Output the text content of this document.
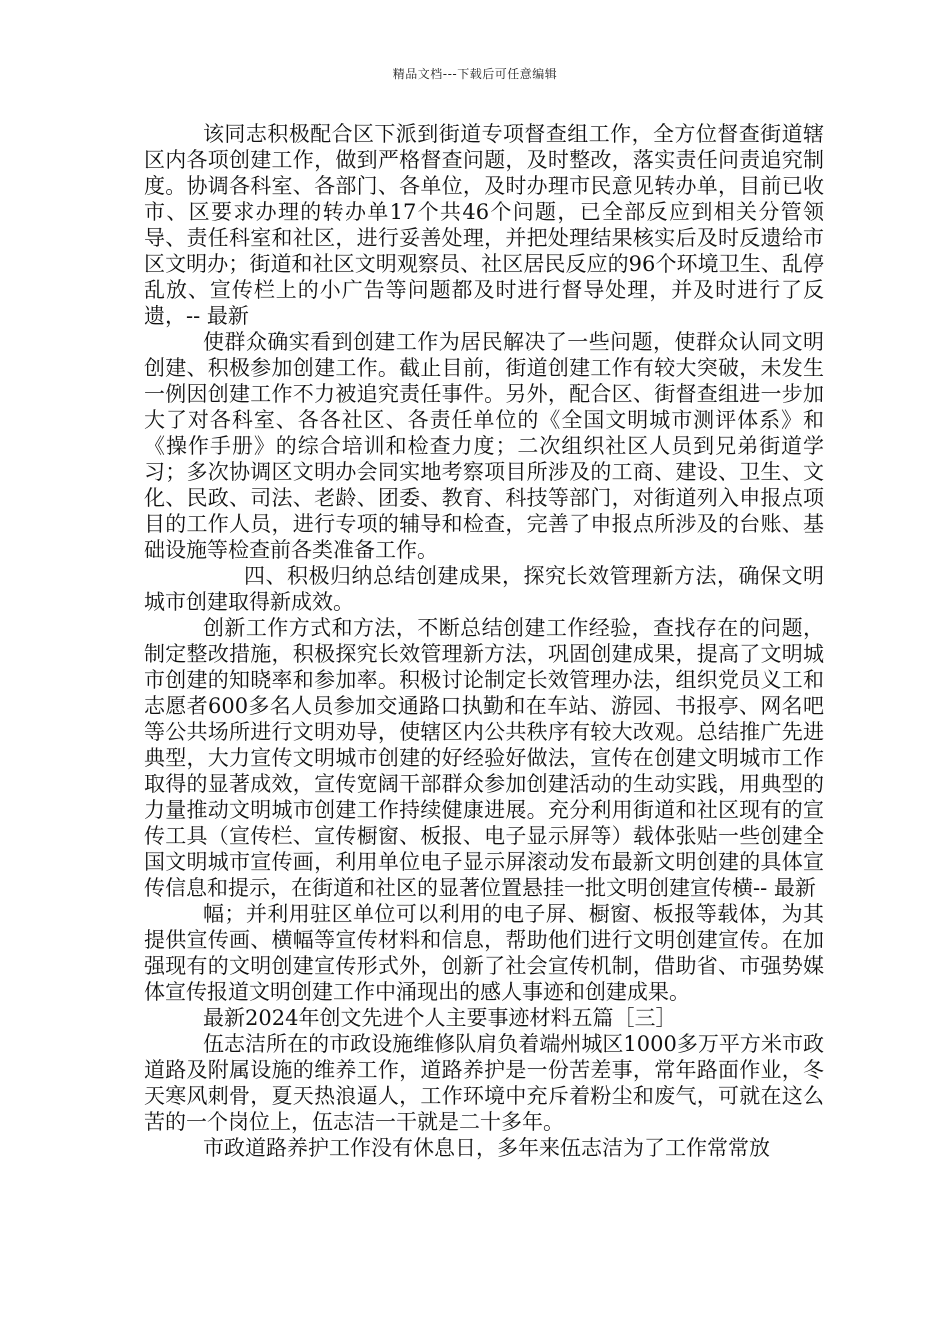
精品文档---下载后可任意编辑

该同志积极配合区下派到街道专项督查组工作，全方位督查街道辖区内各项创建工作，做到严格督查问题，及时整改，落实责任问责追究制度。协调各科室、各部门、各单位，及时办理市民意见转办单，目前已收市、区要求办理的转办单17个共46个问题，已全部反应到相关分管领导、责任科室和社区，进行妥善处理，并把处理结果核实后及时反遗给市区文明办；街道和社区文明观察员、社区居民反应的96个环境卫生、乱停乱放、宣传栏上的小广告等问题都及时进行督导处理，并及时进行了反遗，-- 最新

使群众确实看到创建工作为居民解决了一些问题，使群众认同文明创建、积极参加创建工作。截止目前，街道创建工作有较大突破，未发生一例因创建工作不力被追究责任事件。另外，配合区、街督查组进一步加大了对各科室、各各社区、各责任单位的《全国文明城市测评体系》和《操作手册》的综合培训和检查力度；二次组织社区人员到兄弟街道学习；多次协调区文明办会同实地考察项目所涉及的工商、建设、卫生、文化、民政、司法、老龄、团委、教育、科技等部门，对街道列入申报点项目的工作人员，进行专项的辅导和检查，完善了申报点所涉及的台账、基础设施等检查前各类准备工作。

四、积极归纳总结创建成果，探究长效管理新方法，确保文明城市创建取得新成效。

创新工作方式和方法，不断总结创建工作经验，查找存在的问题，制定整改措施，积极探究长效管理新方法，巩固创建成果，提高了文明城市创建的知晓率和参加率。积极讨论制定长效管理办法，组织党员义工和志愿者600多名人员参加交通路口执勤和在车站、游园、书报亭、网名吧等公共场所进行文明劝导，使辖区内公共秩序有较大改观。总结推广先进典型，大力宣传文明城市创建的好经验好做法，宣传在创建文明城市工作取得的显著成效，宣传宽阔干部群众参加创建活动的生动实践，用典型的力量推动文明城市创建工作持续健康进展。充分利用街道和社区现有的宣传工具（宣传栏、宣传橱窗、板报、电子显示屏等）载体张贴一些创建全国文明城市宣传画，利用单位电子显示屏滚动发布最新文明创建的具体宣传信息和提示，在街道和社区的显著位置悬挂一批文明创建宣传横-- 最新

幅；并利用驻区单位可以利用的电子屏、橱窗、板报等载体，为其提供宣传画、横幅等宣传材料和信息，帮助他们进行文明创建宣传。在加强现有的文明创建宣传形式外，创新了社会宣传机制，借助省、市强势媒体宣传报道文明创建工作中涌现出的感人事迹和创建成果。

最新2024年创文先进个人主要事迹材料五篇［三］

伍志洁所在的市政设施维修队肩负着端州城区1000多万平方米市政道路及附属设施的维养工作，道路养护是一份苦差事，常年路面作业，冬天寒风刺骨，夏天热浪逼人，工作环境中充斥着粉尘和废气，可就在这么苦的一个岗位上，伍志洁一干就是二十多年。

市政道路养护工作没有休息日，多年来伍志洁为了工作常常放
